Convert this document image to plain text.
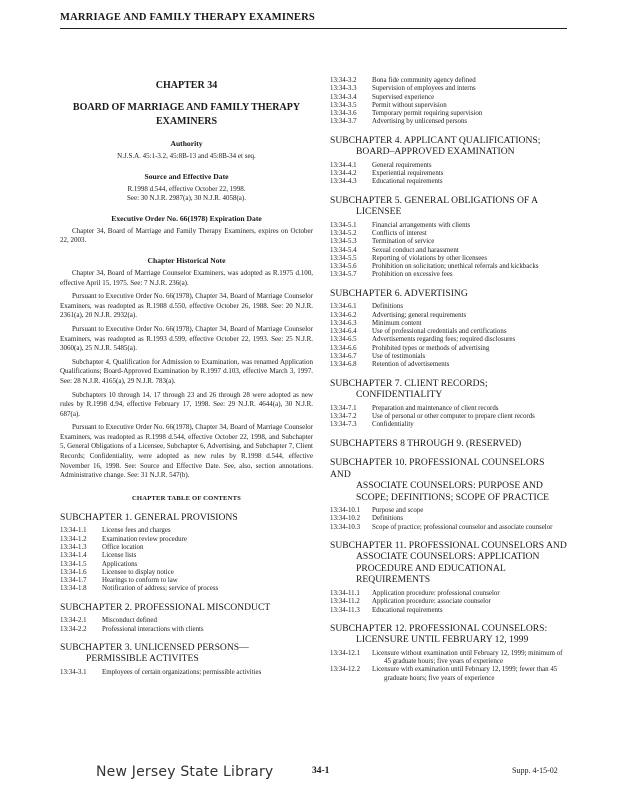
MARRIAGE AND FAMILY THERAPY EXAMINERS

CHAPTER 34

BOARD OF MARRIAGE AND FAMILY THERAPY EXAMINERS

Authority

N.J.S.A. 45:1-3.2, 45:8B-13 and 45:8B-34 et seq.

Source and Effective Date

R.1998 d.544, effective October 22, 1998.

See: 30 N.J.R. 2987(a), 30 N.J.R. 4058(a).

Executive Order No. 66(1978) Expiration Date

Chapter 34, Board of Marriage and Family Therapy Examiners, expires on October 22, 2003.

Chapter Historical Note

Chapter 34, Board of Marriage Counselor Examiners, was adopted as R.1975 d.100, effective April 15, 1975. See: 7 N.J.R. 236(a).

Pursuant to Executive Order No. 66(1978), Chapter 34, Board of Marriage Counselor Examiners, was readopted as R.1988 d.550, effective October 26, 1988. See: 20 N.J.R. 2361(a), 20 N.J.R. 2932(a).

Pursuant to Executive Order No. 66(1978), Chapter 34, Board of Marriage Counselor Examiners, was readopted as R.1993 d.599, effective October 22, 1993. See: 25 N.J.R. 3060(a), 25 N.J.R. 5485(a).

Subchapter 4, Qualification for Admission to Examination, was renamed Application Qualifications; Board-Approved Examination by R.1997 d.103, effective March 3, 1997. See: 28 N.J.R. 4165(a), 29 N.J.R. 783(a).

Subchapters 10 through 14, 17 through 23 and 26 through 28 were adopted as new rules by R.1998 d.94, effective February 17, 1998. See: 29 N.J.R. 4644(a), 30 N.J.R. 687(a).

Pursuant to Executive Order No. 66(1978), Chapter 34, Board of Marriage Counselor Examiners, was readopted as R.1998 d.544, effective October 22, 1998, and Subchapter 5, General Obligations of a Licensee, Subchapter 6, Advertising, and Subchapter 7, Client Records; Confidentiality, were adopted as new rules by R.1998 d.544, effective November 16, 1998. See: Source and Effective Date. See, also, section annotations. Administrative change. See: 31 N.J.R. 547(b).

CHAPTER TABLE OF CONTENTS

SUBCHAPTER 1. GENERAL PROVISIONS
13:34-1.1	License fees and charges
13:34-1.2	Examination review procedure
13:34-1.3	Office location
13:34-1.4	License lists
13:34-1.5	Applications
13:34-1.6	Licensee to display notice
13:34-1.7	Hearings to conform to law
13:34-1.8	Notification of address; service of process
SUBCHAPTER 2. PROFESSIONAL MISCONDUCT
13:34-2.1	Misconduct defined
13:34-2.2	Professional interactions with clients
SUBCHAPTER 3. UNLICENSED PERSONS—
PERMISSIBLE ACTIVITES
13:34-3.1	Employees of certain organizations; permissible activities
13:34-3.2	Bona fide community agency defined
13:34-3.3	Supervision of employees and interns
13:34-3.4	Supervised experience
13:34-3.5	Permit without supervision
13:34-3.6	Temporary permit requiring supervision
13:34-3.7	Advertising by unlicensed persons
SUBCHAPTER 4. APPLICANT QUALIFICATIONS;
BOARD–APPROVED EXAMINATION
13:34-4.1	General requirements
13:34-4.2	Experiential requirements
13:34-4.3	Educational requirements
SUBCHAPTER 5. GENERAL OBLIGATIONS OF A
LICENSEE
13:34-5.1	Financial arrangements with clients
13:34-5.2	Conflicts of interest
13:34-5.3	Termination of service
13:34-5.4	Sexual conduct and harassment
13:34-5.5	Reporting of violations by other licensees
13:34-5.6	Prohibition on solicitation; unethical referrals and kickbacks
13:34-5.7	Prohibition on excessive fees
SUBCHAPTER 6. ADVERTISING
13:34-6.1	Definitions
13:34-6.2	Advertising; general requirements
13:34-6.3	Minimum content
13:34-6.4	Use of professional credentials and certifications
13:34-6.5	Advertisements regarding fees; required disclosures
13:34-6.6	Prohibited types or methods of advertising
13:34-6.7	Use of testimonials
13:34-6.8	Retention of advertisements
SUBCHAPTER 7. CLIENT RECORDS;
CONFIDENTIALITY
13:34-7.1	Preparation and maintenance of client records
13:34-7.2	Use of personal or other computer to prepare client records
13:34-7.3	Confidentiality
SUBCHAPTERS 8 THROUGH 9. (RESERVED)
SUBCHAPTER 10. PROFESSIONAL COUNSELORS AND
ASSOCIATE COUNSELORS: PURPOSE AND SCOPE; DEFINITIONS; SCOPE OF PRACTICE
13:34-10.1	Purpose and scope
13:34-10.2	Definitions
13:34-10.3	Scope of practice; professional counselor and associate counselor
SUBCHAPTER 11. PROFESSIONAL COUNSELORS AND
ASSOCIATE COUNSELORS: APPLICATION PROCEDURE AND EDUCATIONAL REQUIREMENTS
13:34-11.1	Application procedure: professional counselor
13:34-11.2	Application procedure: associate counselor
13:34-11.3	Educational requirements
SUBCHAPTER 12. PROFESSIONAL COUNSELORS:
LICENSURE UNTIL FEBRUARY 12, 1999
13:34-12.1	Licensure without examination until February 12, 1999; minimum of 45 graduate hours; five years of experience
13:34-12.2	Licensure with examination until February 12, 1999; fewer than 45 graduate hours; five years of experience
New Jersey State Library	34-1	Supp. 4-15-02
